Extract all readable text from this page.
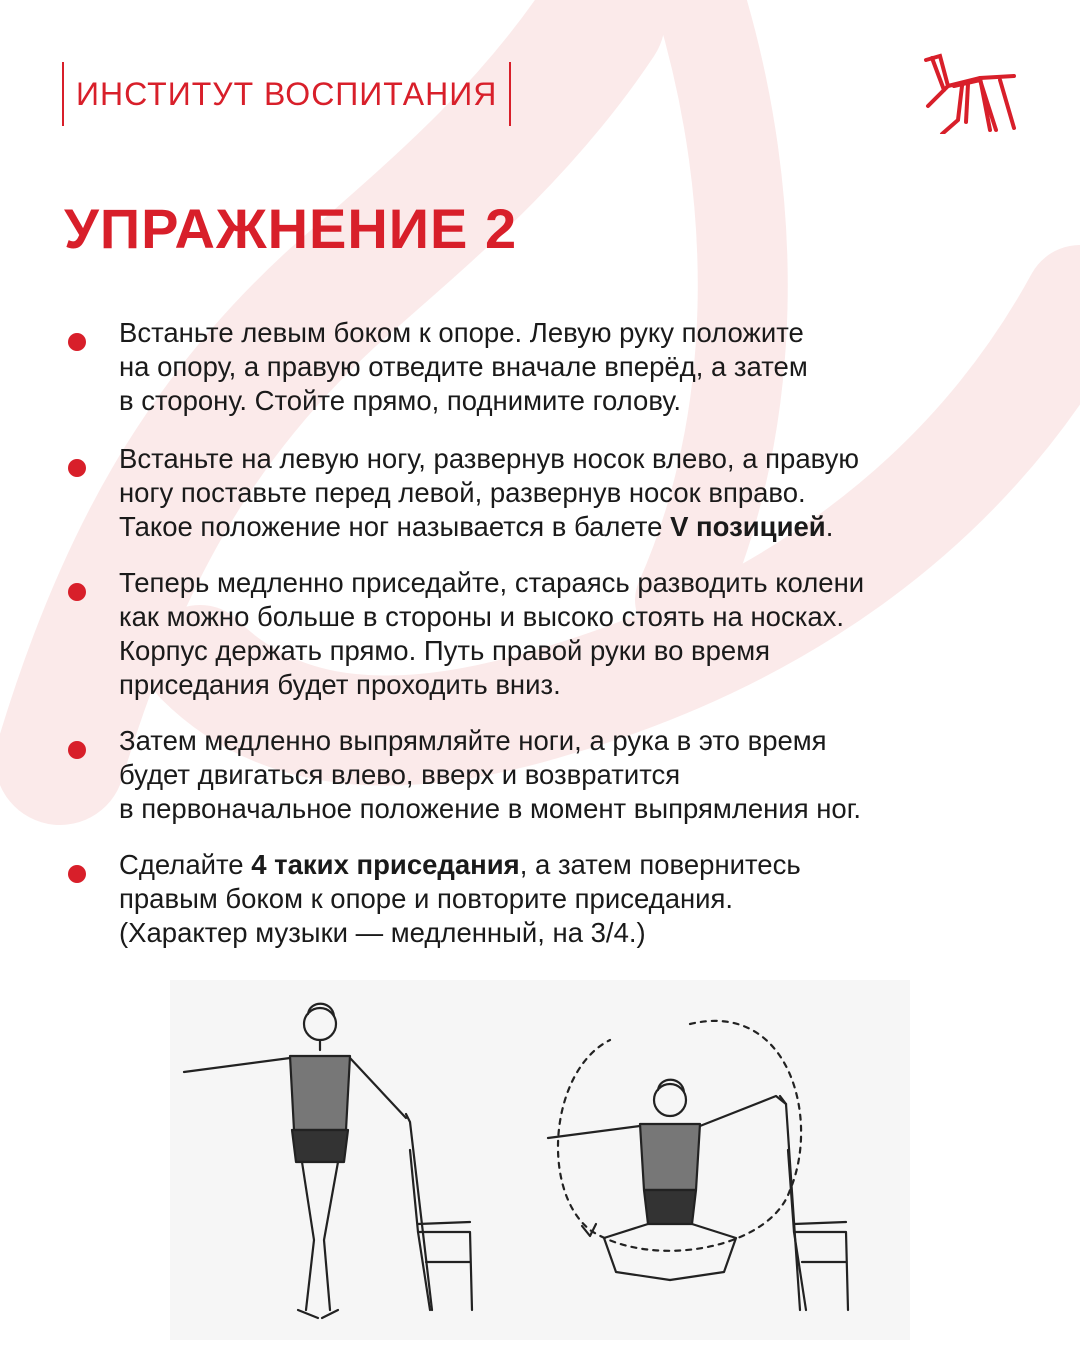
ИНСТИТУТ ВОСПИТАНИЯ
УПРАЖНЕНИЕ 2

Встаньте левым боком к опоре. Левую руку положите
на опору, а правую отведите вначале вперёд, а затем
в сторону. Стойте прямо, поднимите голову.

Встаньте на левую ногу, развернув носок влево, а правую
ногу поставьте перед левой, развернув носок вправо.
Такое положение ног называется в балете V позицией.

Теперь медленно приседайте, стараясь разводить колени
как можно больше в стороны и высоко стоять на носках.
Корпус держать прямо. Путь правой руки во время
приседания будет проходить вниз.

Затем медленно выпрямляйте ноги, а рука в это время
будет двигаться влево, вверх и возвратится
в первоначальное положение в момент выпрямления ног.

Сделайте 4 таких приседания, а затем повернитесь
правым боком к опоре и повторите приседания.
(Характер музыки — медленный, на 3/4.)
